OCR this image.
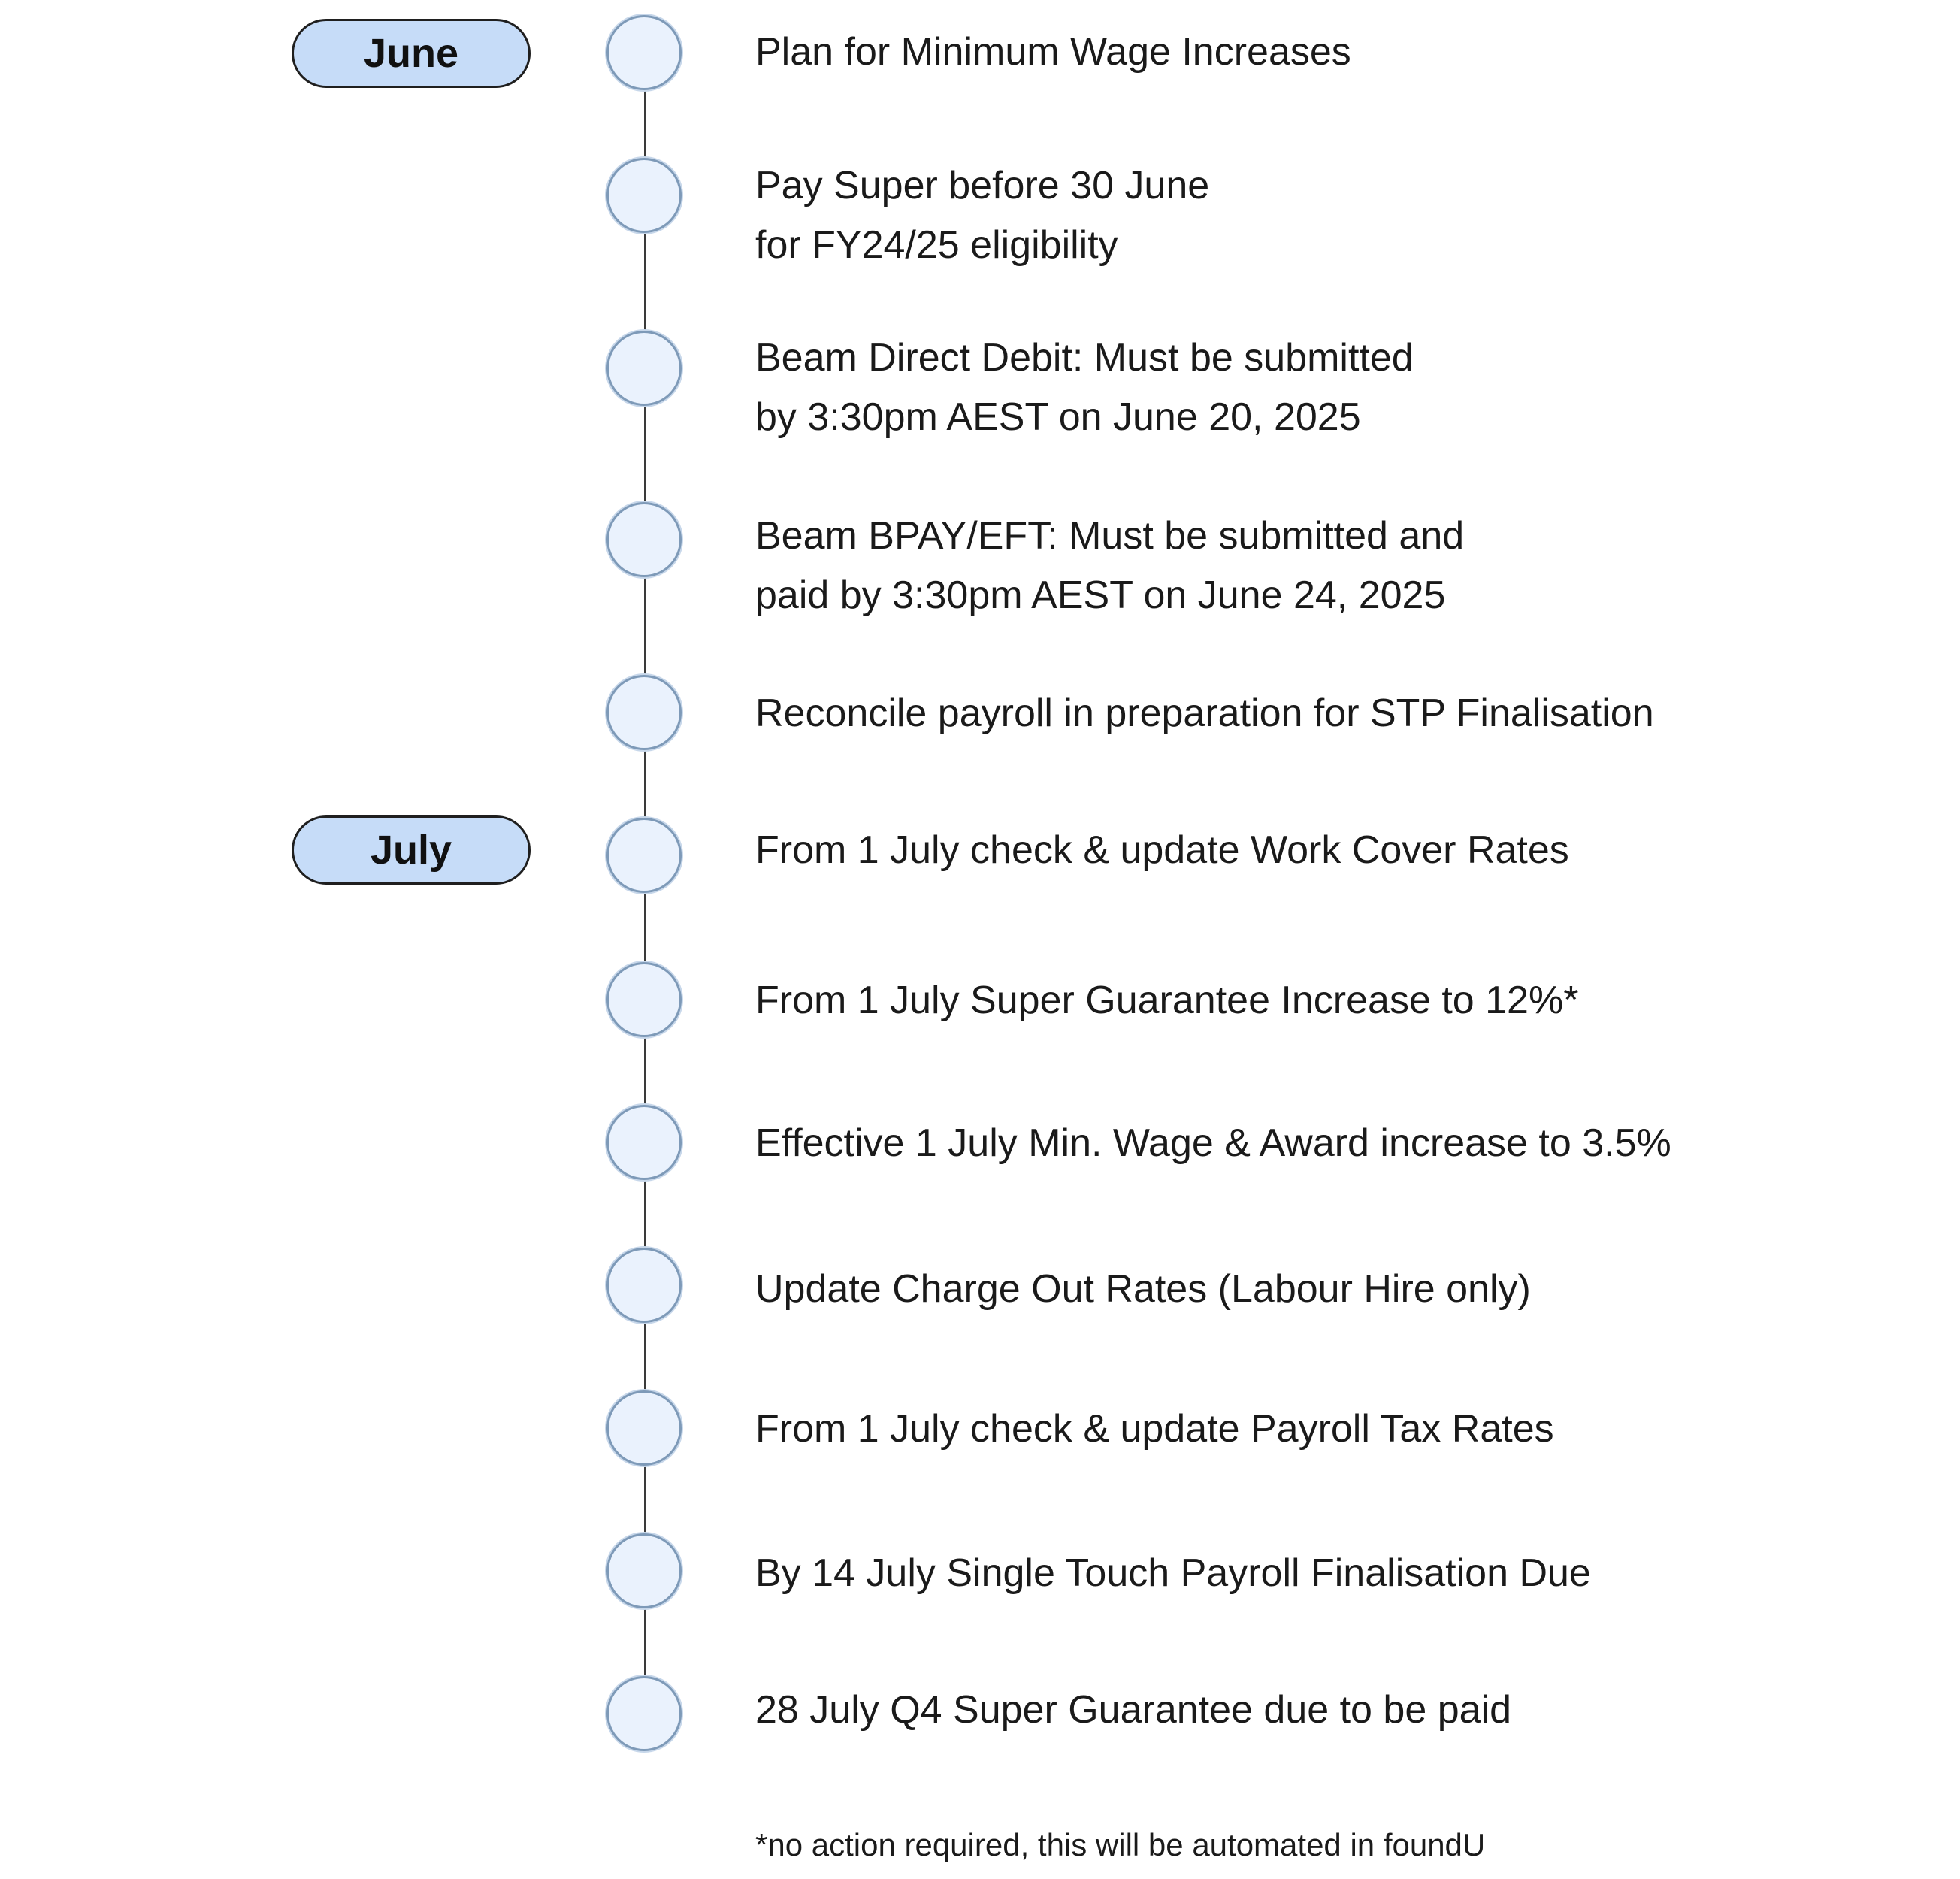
June
July
Plan for Minimum Wage Increases
Pay Super before 30 June
for FY24/25 eligibility
Beam Direct Debit: Must be submitted
by 3:30pm AEST on June 20, 2025
Beam BPAY/EFT: Must be submitted and
paid by 3:30pm AEST on June 24, 2025
Reconcile payroll in preparation for STP Finalisation
From 1 July check & update Work Cover Rates
From 1 July Super Guarantee Increase to 12%*
Effective 1 July Min. Wage & Award increase to 3.5%
Update Charge Out Rates (Labour Hire only)
From 1 July check & update Payroll Tax Rates
By 14 July Single Touch Payroll Finalisation Due
28 July Q4 Super Guarantee due to be paid
*no action required, this will be automated in foundU
